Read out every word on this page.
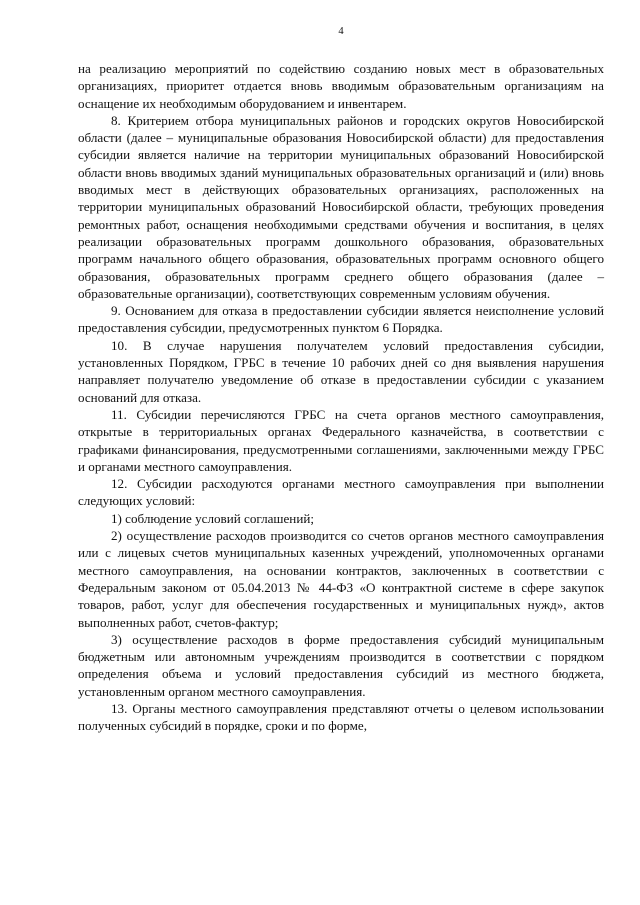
4

на реализацию мероприятий по содействию созданию новых мест в образовательных организациях, приоритет отдается вновь вводимым образовательным организациям на оснащение их необходимым оборудованием и инвентарем.

8. Критерием отбора муниципальных районов и городских округов Новосибирской области (далее – муниципальные образования Новосибирской области) для предоставления субсидии является наличие на территории муниципальных образований Новосибирской области вновь вводимых зданий муниципальных образовательных организаций и (или) вновь вводимых мест в действующих образовательных организациях, расположенных на территории муниципальных образований Новосибирской области, требующих проведения ремонтных работ, оснащения необходимыми средствами обучения и воспитания, в целях реализации образовательных программ дошкольного образования, образовательных программ начального общего образования, образовательных программ основного общего образования, образовательных программ среднего общего образования (далее – образовательные организации), соответствующих современным условиям обучения.

9. Основанием для отказа в предоставлении субсидии является неисполнение условий предоставления субсидии, предусмотренных пунктом 6 Порядка.

10. В случае нарушения получателем условий предоставления субсидии, установленных Порядком, ГРБС в течение 10 рабочих дней со дня выявления нарушения направляет получателю уведомление об отказе в предоставлении субсидии с указанием оснований для отказа.

11. Субсидии перечисляются ГРБС на счета органов местного самоуправления, открытые в территориальных органах Федерального казначейства, в соответствии с графиками финансирования, предусмотренными соглашениями, заключенными между ГРБС и органами местного самоуправления.

12. Субсидии расходуются органами местного самоуправления при выполнении следующих условий:

1) соблюдение условий соглашений;

2) осуществление расходов производится со счетов органов местного самоуправления или с лицевых счетов муниципальных казенных учреждений, уполномоченных органами местного самоуправления, на основании контрактов, заключенных в соответствии с Федеральным законом от 05.04.2013 № 44-ФЗ «О контрактной системе в сфере закупок товаров, работ, услуг для обеспечения государственных и муниципальных нужд», актов выполненных работ, счетов-фактур;

3) осуществление расходов в форме предоставления субсидий муниципальным бюджетным или автономным учреждениям производится в соответствии с порядком определения объема и условий предоставления субсидий из местного бюджета, установленным органом местного самоуправления.

13. Органы местного самоуправления представляют отчеты о целевом использовании полученных субсидий в порядке, сроки и по форме,
